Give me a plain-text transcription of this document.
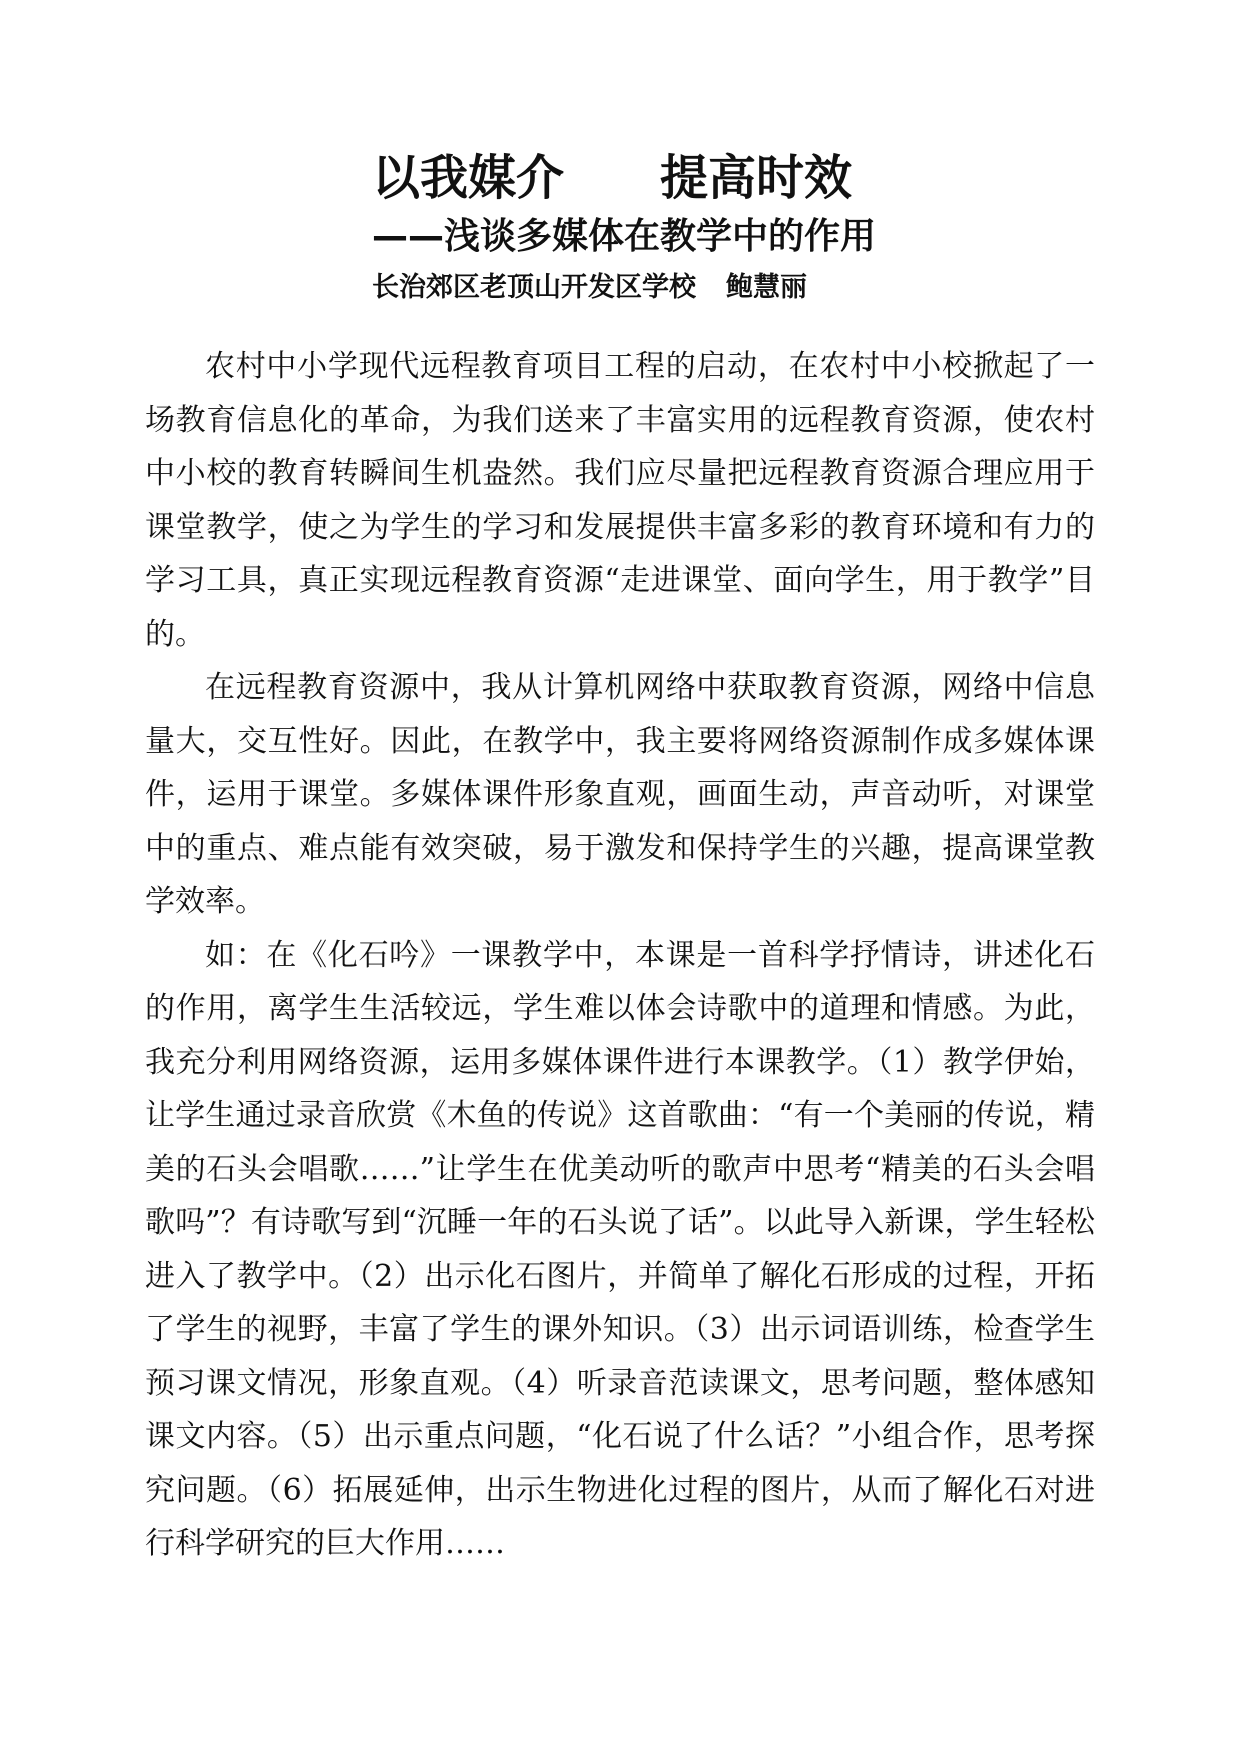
以我媒介 提高时效
——浅谈多媒体在教学中的作用
长治郊区老顶山开发区学校 鲍慧丽

农村中小学现代远程教育项目工程的启动，在农村中小校掀起了一场教育信息化的革命，为我们送来了丰富实用的远程教育资源，使农村中小校的教育转瞬间生机盎然。我们应尽量把远程教育资源合理应用于课堂教学，使之为学生的学习和发展提供丰富多彩的教育环境和有力的学习工具，真正实现远程教育资源“走进课堂、面向学生，用于教学”目的。

在远程教育资源中，我从计算机网络中获取教育资源，网络中信息量大，交互性好。因此，在教学中，我主要将网络资源制作成多媒体课件，运用于课堂。多媒体课件形象直观，画面生动，声音动听，对课堂中的重点、难点能有效突破，易于激发和保持学生的兴趣，提高课堂教学效率。

如：在《化石吟》一课教学中，本课是一首科学抒情诗，讲述化石的作用，离学生生活较远，学生难以体会诗歌中的道理和情感。为此，我充分利用网络资源，运用多媒体课件进行本课教学。（1）教学伊始，让学生通过录音欣赏《木鱼的传说》这首歌曲：“有一个美丽的传说，精美的石头会唱歌……”让学生在优美动听的歌声中思考“精美的石头会唱歌吗”？有诗歌写到“沉睡一年的石头说了话”。以此导入新课，学生轻松进入了教学中。（2）出示化石图片，并简单了解化石形成的过程，开拓了学生的视野，丰富了学生的课外知识。（3）出示词语训练，检查学生预习课文情况，形象直观。（4）听录音范读课文，思考问题，整体感知课文内容。（5）出示重点问题，“化石说了什么话？”小组合作，思考探究问题。（6）拓展延伸，出示生物进化过程的图片，从而了解化石对进行科学研究的巨大作用……
